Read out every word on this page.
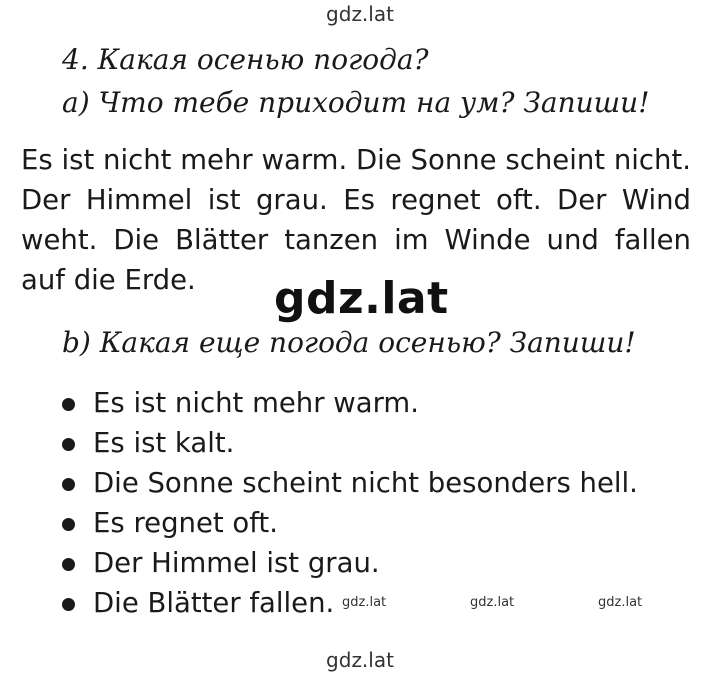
gdz.lat
4. Какая осенью погода?
a) Что тебе приходит на ум? Запиши!
Es ist nicht mehr warm. Die Sonne scheint nicht. Der Himmel ist grau. Es regnet oft. Der Wind weht. Die Blätter tanzen im Winde und fallen auf die Erde.	gdz.lat
b) Какая еще погода осенью? Запиши!
Es ist nicht mehr warm.
Es ist kalt.
Die Sonne scheint nicht besonders hell.
Es regnet oft.
Der Himmel ist grau.
Die Blätter fallen. gdz.lat	gdz.lat	gdz.lat
gdz.lat
